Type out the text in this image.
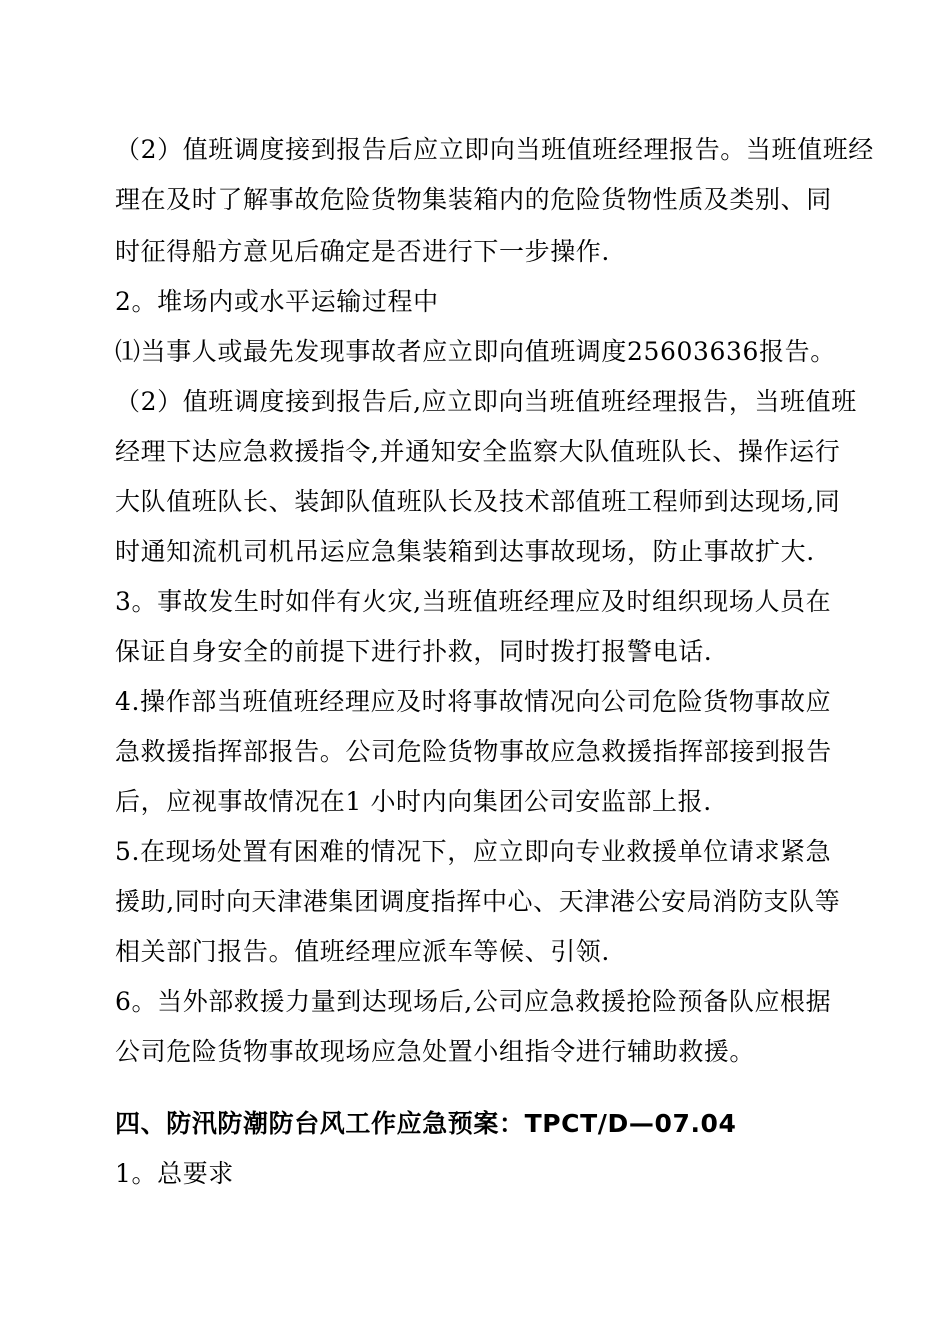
（2）值班调度接到报告后应立即向当班值班经理报告。当班值班经
理在及时了解事故危险货物集装箱内的危险货物性质及类别、同
时征得船方意见后确定是否进行下一步操作.
2。堆场内或水平运输过程中
⑴当事人或最先发现事故者应立即向值班调度25603636报告。
（2）值班调度接到报告后,应立即向当班值班经理报告，当班值班
经理下达应急救援指令,并通知安全监察大队值班队长、操作运行
大队值班队长、装卸队值班队长及技术部值班工程师到达现场,同
时通知流机司机吊运应急集装箱到达事故现场，防止事故扩大.
3。事故发生时如伴有火灾,当班值班经理应及时组织现场人员在
保证自身安全的前提下进行扑救，同时拨打报警电话.
4.操作部当班值班经理应及时将事故情况向公司危险货物事故应
急救援指挥部报告。公司危险货物事故应急救援指挥部接到报告
后，应视事故情况在1 小时内向集团公司安监部上报.
5.在现场处置有困难的情况下，应立即向专业救援单位请求紧急
援助,同时向天津港集团调度指挥中心、天津港公安局消防支队等
相关部门报告。值班经理应派车等候、引领.
6。当外部救援力量到达现场后,公司应急救援抢险预备队应根据
公司危险货物事故现场应急处置小组指令进行辅助救援。
四、防汛防潮防台风工作应急预案：TPCT/D—07.04
1。总要求
